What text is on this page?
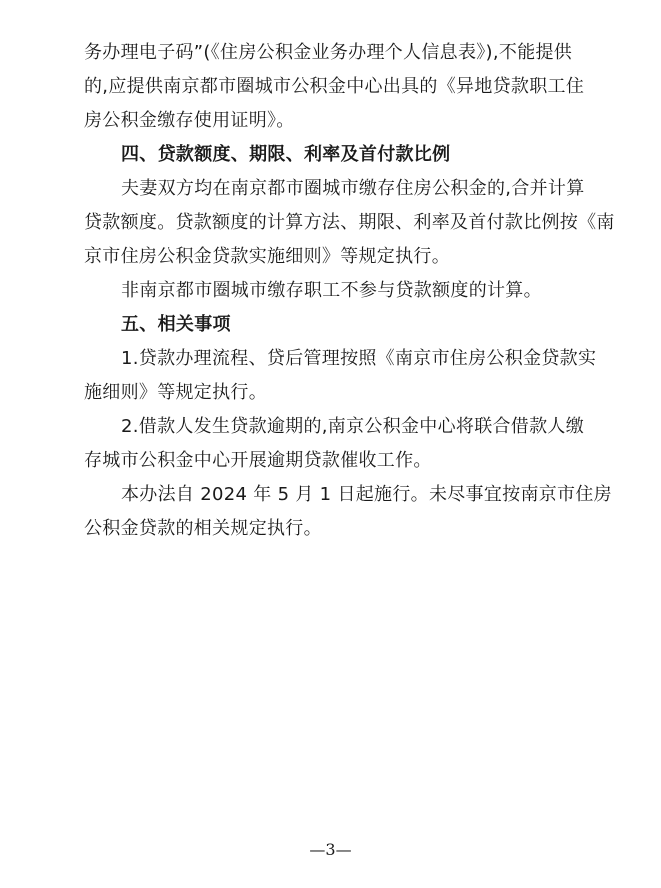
务办理电子码”(《住房公积金业务办理个人信息表》),不能提供
的,应提供南京都市圈城市公积金中心出具的《异地贷款职工住
房公积金缴存使用证明》。
四、贷款额度、期限、利率及首付款比例
夫妻双方均在南京都市圈城市缴存住房公积金的,合并计算
贷款额度。贷款额度的计算方法、期限、利率及首付款比例按《南
京市住房公积金贷款实施细则》等规定执行。
非南京都市圈城市缴存职工不参与贷款额度的计算。
五、相关事项
1.贷款办理流程、贷后管理按照《南京市住房公积金贷款实
施细则》等规定执行。
2.借款人发生贷款逾期的,南京公积金中心将联合借款人缴
存城市公积金中心开展逾期贷款催收工作。
本办法自 2024 年 5 月 1 日起施行。未尽事宜按南京市住房
公积金贷款的相关规定执行。
—3—
